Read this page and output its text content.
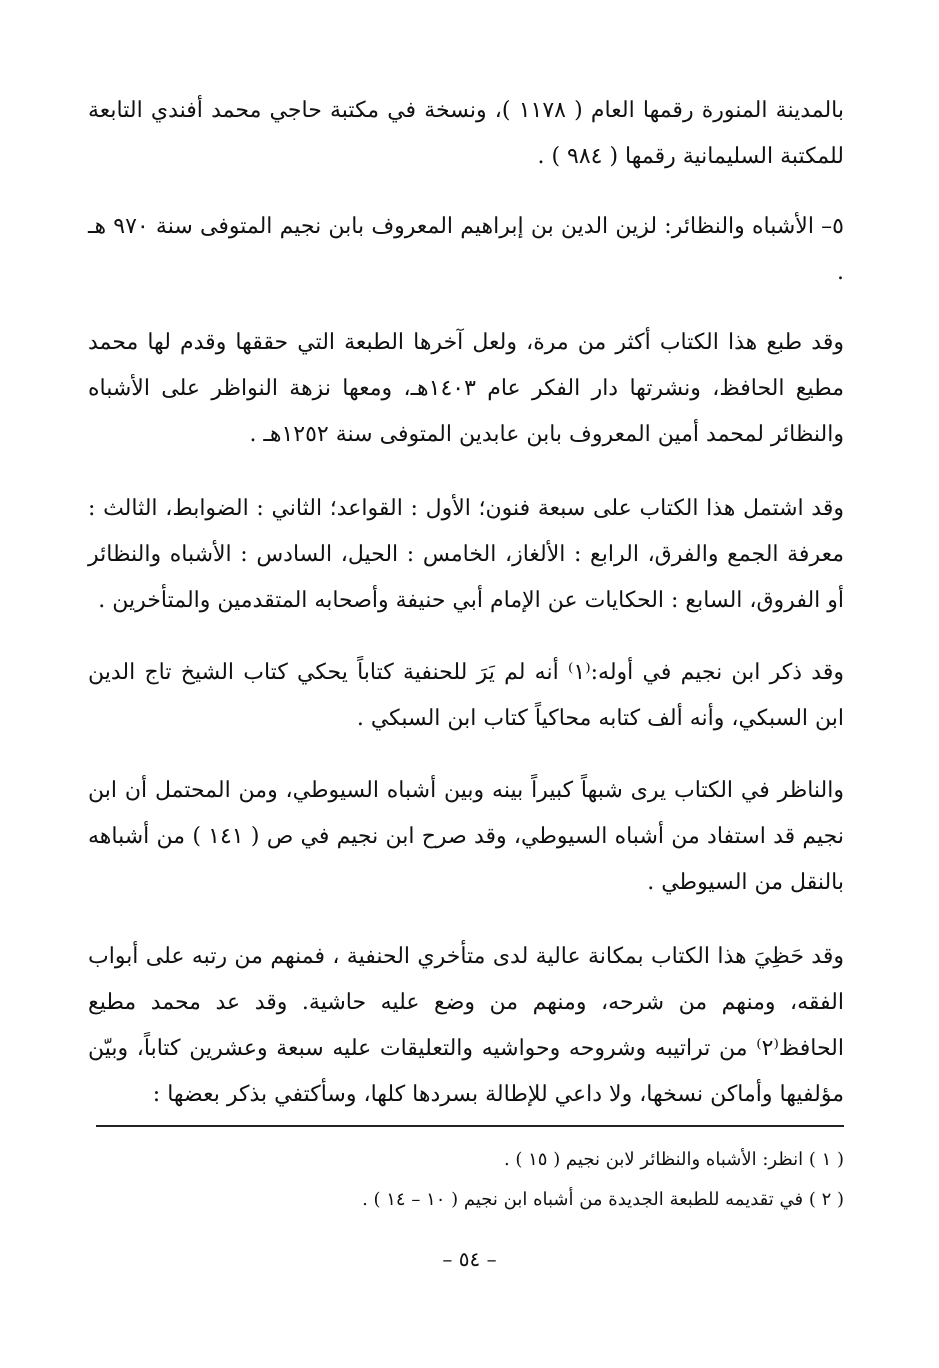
بالمدينة المنورة رقمها العام ( ١١٧٨ )، ونسخة في مكتبة حاجي محمد أفندي التابعة للمكتبة السليمانية رقمها ( ٩٨٤ ) .

٥– الأشباه والنظائر: لزين الدين بن إبراهيم المعروف بابن نجيم المتوفى سنة ٩٧٠ هـ .

وقد طبع هذا الكتاب أكثر من مرة، ولعل آخرها الطبعة التي حققها وقدم لها محمد مطيع الحافظ، ونشرتها دار الفكر عام ١٤٠٣هـ، ومعها نزهة النواظر على الأشباه والنظائر لمحمد أمين المعروف بابن عابدين المتوفى سنة ١٢٥٢هـ .

وقد اشتمل هذا الكتاب على سبعة فنون؛ الأول : القواعد؛ الثاني : الضوابط، الثالث : معرفة الجمع والفرق، الرابع : الألغاز، الخامس : الحيل، السادس : الأشباه والنظائر أو الفروق، السابع : الحكايات عن الإمام أبي حنيفة وأصحابه المتقدمين والمتأخرين .

وقد ذكر ابن نجيم في أوله:⁽١⁾ أنه لم يَرَ للحنفية كتاباً يحكي كتاب الشيخ تاج الدين ابن السبكي، وأنه ألف كتابه محاكياً كتاب ابن السبكي .

والناظر في الكتاب يرى شبهاً كبيراً بينه وبين أشباه السيوطي، ومن المحتمل أن ابن نجيم قد استفاد من أشباه السيوطي، وقد صرح ابن نجيم في ص ( ١٤١ ) من أشباهه بالنقل من السيوطي .

وقد حَظِيَ هذا الكتاب بمكانة عالية لدى متأخري الحنفية ، فمنهم من رتبه على أبواب الفقه، ومنهم من شرحه، ومنهم من وضع عليه حاشية. وقد عد محمد مطيع الحافظ⁽٢⁾ من تراتيبه وشروحه وحواشيه والتعليقات عليه سبعة وعشرين كتاباً، وبيّن مؤلفيها وأماكن نسخها، ولا داعي للإطالة بسردها كلها، وسأكتفي بذكر بعضها :

( ١ ) انظر: الأشباه والنظائر لابن نجيم ( ١٥ ) .

( ٢ ) في تقديمه للطبعة الجديدة من أشباه ابن نجيم ( ١٠ – ١٤ ) .

– ٥٤ –
